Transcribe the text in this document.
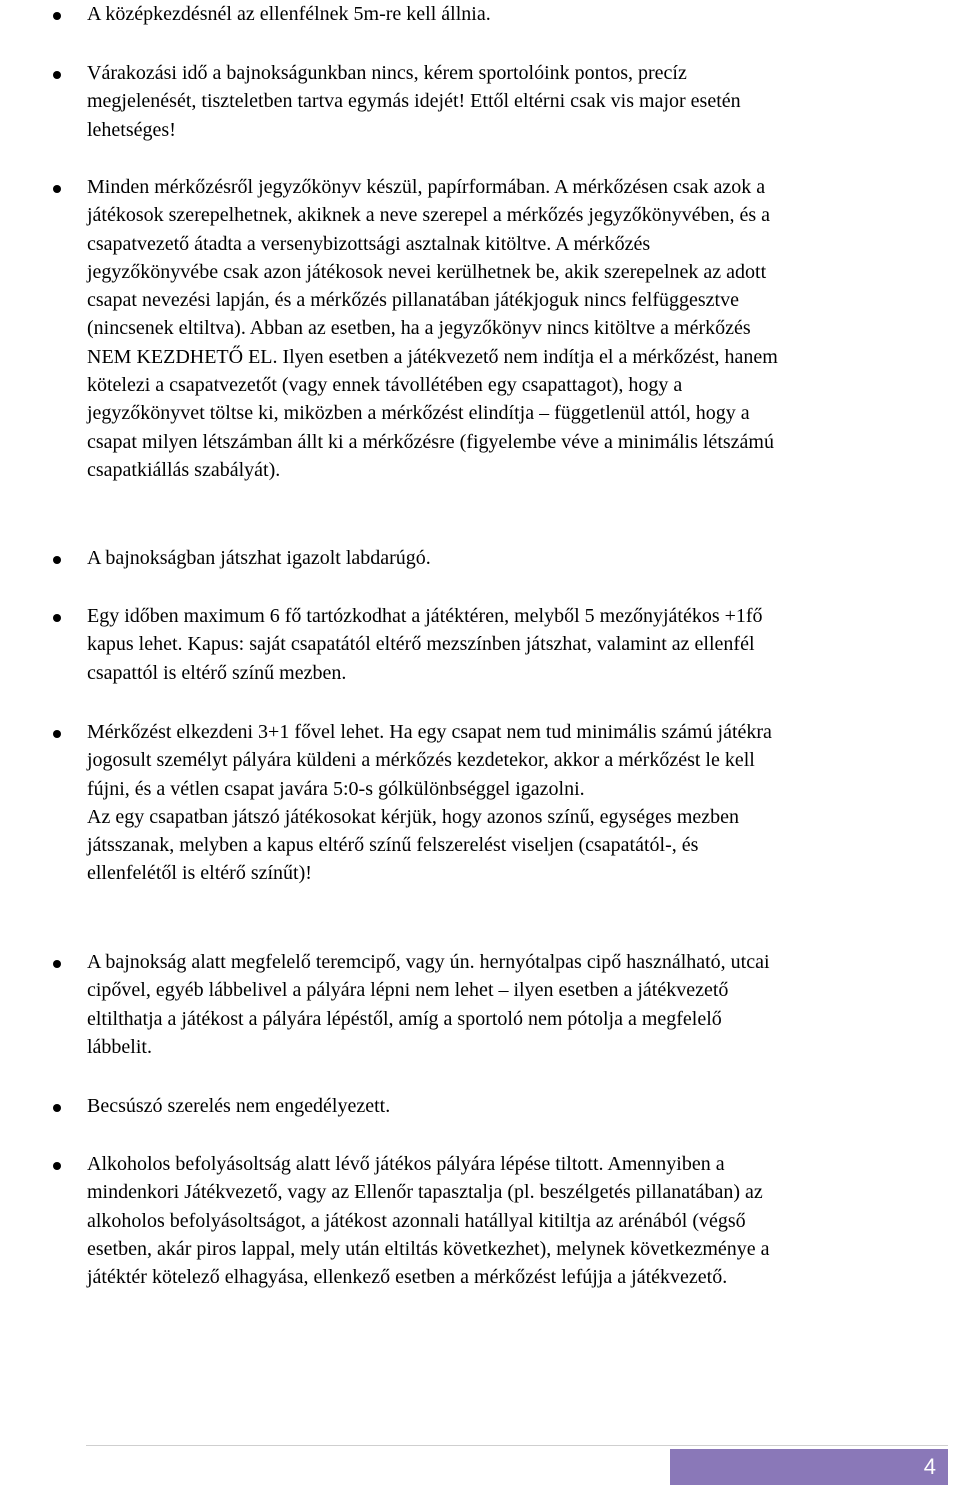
A középkezdésnél az ellenfélnek 5m-re kell állnia.

Várakozási idő a bajnokságunkban nincs, kérem sportolóink pontos, precíz
megjelenését, tiszteletben tartva egymás idejét! Ettől eltérni csak vis major esetén
lehetséges!

Minden mérkőzésről jegyzőkönyv készül, papírformában. A mérkőzésen csak azok a
játékosok szerepelhetnek, akiknek a neve szerepel a mérkőzés jegyzőkönyvében, és a
csapatvezető átadta a versenybizottsági asztalnak kitöltve. A mérkőzés
jegyzőkönyvébe csak azon játékosok nevei kerülhetnek be, akik szerepelnek az adott
csapat nevezési lapján, és a mérkőzés pillanatában játékjoguk nincs felfüggesztve
(nincsenek eltiltva). Abban az esetben, ha a jegyzőkönyv nincs kitöltve a mérkőzés
NEM KEZDHETŐ EL. Ilyen esetben a játékvezető nem indítja el a mérkőzést, hanem
kötelezi a csapatvezetőt (vagy ennek távollétében egy csapattagot), hogy a
jegyzőkönyvet töltse ki, miközben a mérkőzést elindítja – függetlenül attól, hogy a
csapat milyen létszámban állt ki a mérkőzésre (figyelembe véve a minimális létszámú
csapatkiállás szabályát).

A bajnokságban játszhat igazolt labdarúgó.

Egy időben maximum 6 fő tartózkodhat a játéktéren, melyből 5 mezőnyjátékos +1fő
kapus lehet. Kapus: saját csapatától eltérő mezszínben játszhat, valamint az ellenfél
csapattól is eltérő színű mezben.

Mérkőzést elkezdeni 3+1 fővel lehet. Ha egy csapat nem tud minimális számú játékra
jogosult személyt pályára küldeni a mérkőzés kezdetekor, akkor a mérkőzést le kell
fújni, és a vétlen csapat javára 5:0-s gólkülönbséggel igazolni.
Az egy csapatban játszó játékosokat kérjük, hogy azonos színű, egységes mezben
játsszanak, melyben a kapus eltérő színű felszerelést viseljen (csapatától-, és
ellenfelétől is eltérő színűt)!

A bajnokság alatt megfelelő teremcipő, vagy ún. hernyótalpas cipő használható, utcai
cipővel, egyéb lábbelivel a pályára lépni nem lehet – ilyen esetben a játékvezető
eltilthatja a játékost a pályára lépéstől, amíg a sportoló nem pótolja a megfelelő
lábbelit.

Becsúszó szerelés nem engedélyezett.

Alkoholos befolyásoltság alatt lévő játékos pályára lépése tiltott. Amennyiben a
mindenkori Játékvezető, vagy az Ellenőr tapasztalja (pl. beszélgetés pillanatában) az
alkoholos befolyásoltságot, a játékost azonnali hatállyal kitiltja az arénából (végső
esetben, akár piros lappal, mely után eltiltás következhet), melynek következménye a
játéktér kötelező elhagyása, ellenkező esetben a mérkőzést lefújja a játékvezető.

4
